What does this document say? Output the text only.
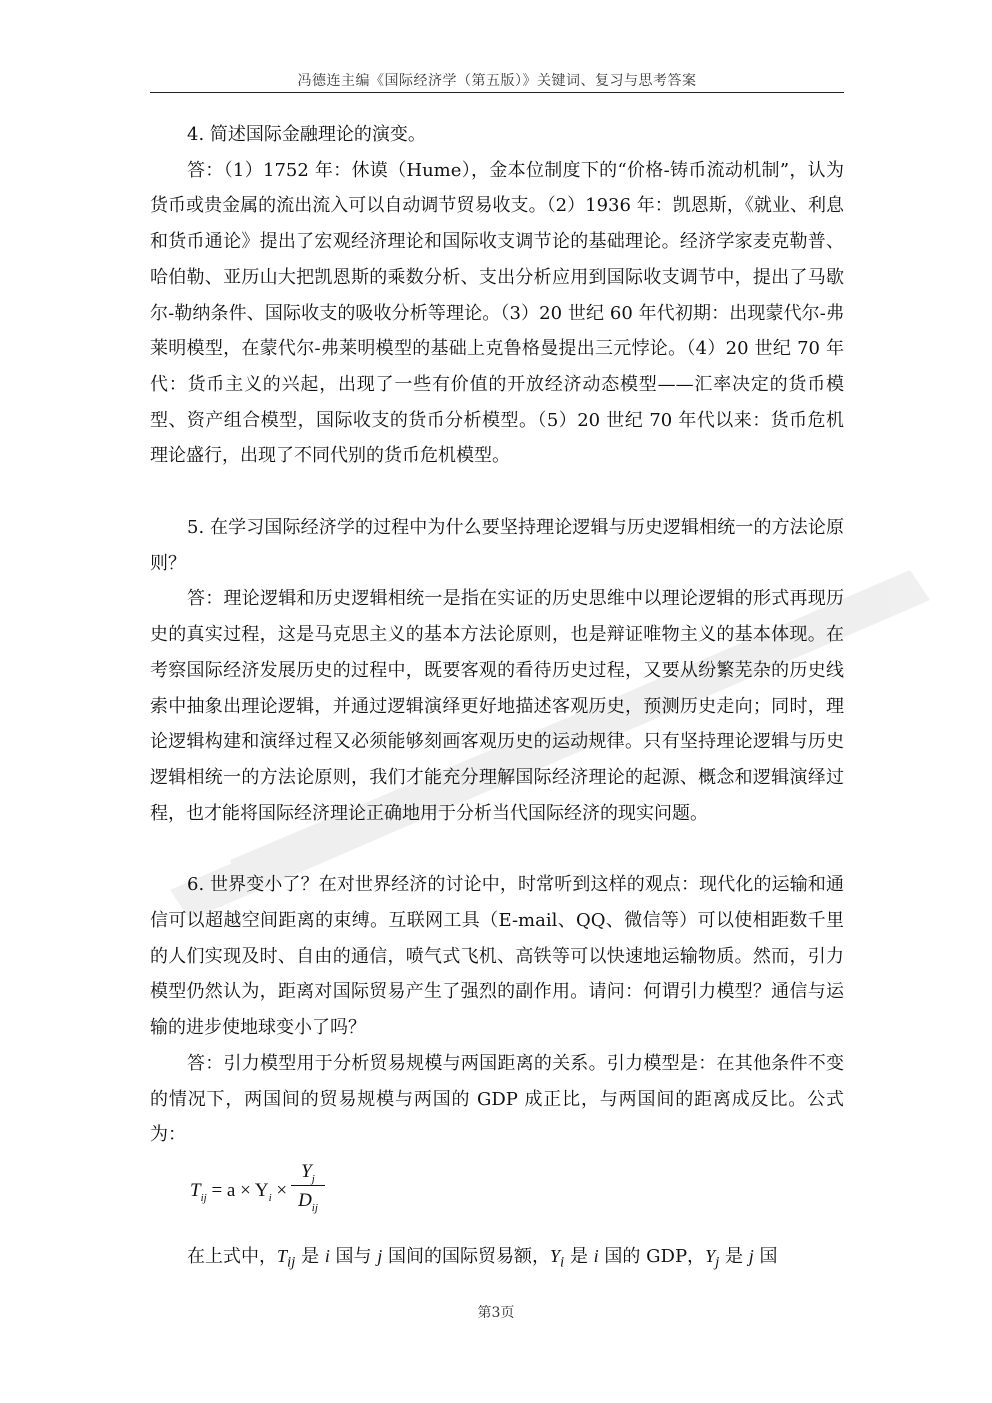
冯德连主编《国际经济学（第五版）》关键词、复习与思考答案

4. 简述国际金融理论的演变。

答：（1）1752 年：休谟（Hume），金本位制度下的“价格-铸币流动机制”，认为货币或贵金属的流出流入可以自动调节贸易收支。（2）1936 年：凯恩斯，《就业、利息和货币通论》提出了宏观经济理论和国际收支调节论的基础理论。经济学家麦克勒普、哈伯勒、亚历山大把凯恩斯的乘数分析、支出分析应用到国际收支调节中，提出了马歇尔-勒纳条件、国际收支的吸收分析等理论。（3）20 世纪 60 年代初期：出现蒙代尔-弗莱明模型，在蒙代尔-弗莱明模型的基础上克鲁格曼提出三元悖论。（4）20 世纪 70 年代：货币主义的兴起，出现了一些有价值的开放经济动态模型——汇率决定的货币模型、资产组合模型，国际收支的货币分析模型。（5）20 世纪 70 年代以来：货币危机理论盛行，出现了不同代别的货币危机模型。

5. 在学习国际经济学的过程中为什么要坚持理论逻辑与历史逻辑相统一的方法论原则？

答：理论逻辑和历史逻辑相统一是指在实证的历史思维中以理论逻辑的形式再现历史的真实过程，这是马克思主义的基本方法论原则，也是辩证唯物主义的基本体现。在考察国际经济发展历史的过程中，既要客观的看待历史过程，又要从纷繁芜杂的历史线索中抽象出理论逻辑，并通过逻辑演绎更好地描述客观历史，预测历史走向；同时，理论逻辑构建和演绎过程又必须能够刻画客观历史的运动规律。只有坚持理论逻辑与历史逻辑相统一的方法论原则，我们才能充分理解国际经济理论的起源、概念和逻辑演绎过程，也才能将国际经济理论正确地用于分析当代国际经济的现实问题。

6. 世界变小了？在对世界经济的讨论中，时常听到这样的观点：现代化的运输和通信可以超越空间距离的束缚。互联网工具（E-mail、QQ、微信等）可以使相距数千里的人们实现及时、自由的通信，喷气式飞机、高铁等可以快速地运输物质。然而，引力模型仍然认为，距离对国际贸易产生了强烈的副作用。请问：何谓引力模型？通信与运输的进步使地球变小了吗？

答：引力模型用于分析贸易规模与两国距离的关系。引力模型是：在其他条件不变的情况下，两国间的贸易规模与两国的 GDP 成正比，与两国间的距离成反比。公式为：

$T_{ij} = a \times Y_i$ ×
$Y_j$
$D_{ij}$

在上式中，$T_{ij}$ 是 i 国与 j 国间的国际贸易额，$Y_i$ 是 i 国的 GDP，$Y_j$ 是 j 国

第3页
